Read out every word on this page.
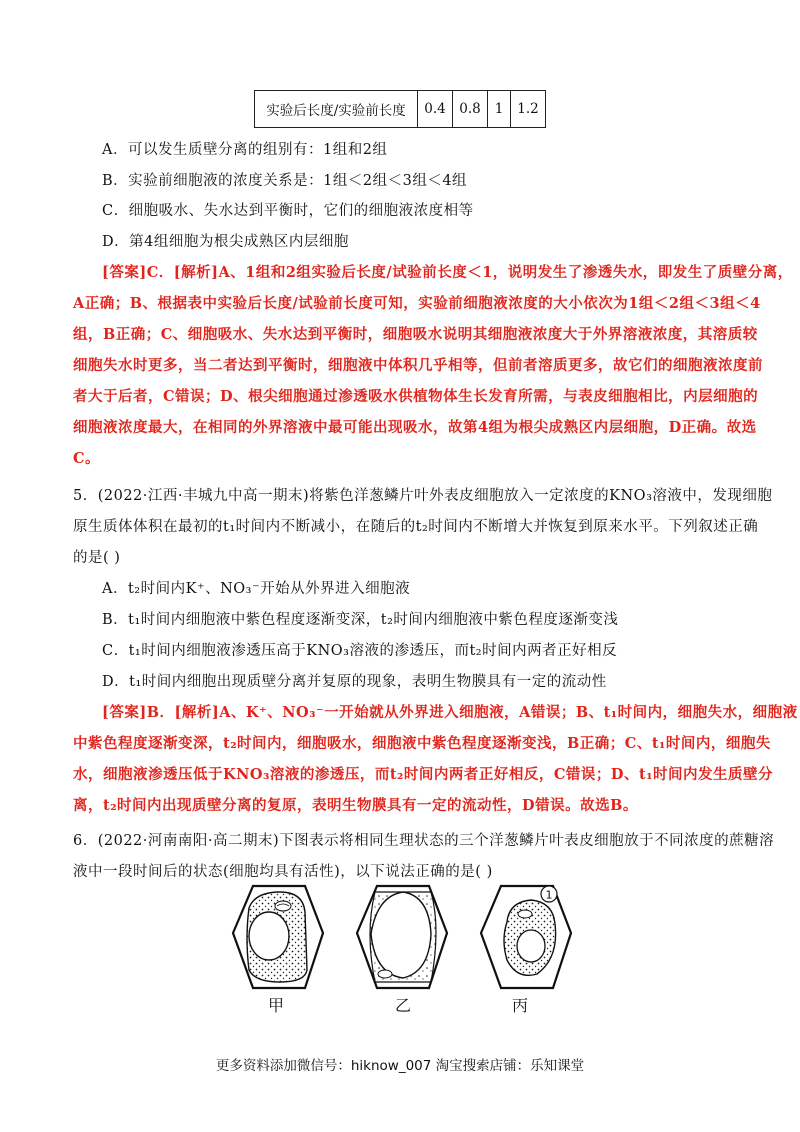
实验后长度/实验前长度	0.4	0.8	1	1.2
A．可以发生质壁分离的组别有：1组和2组
B．实验前细胞液的浓度关系是：1组＜2组＜3组＜4组
C．细胞吸水、失水达到平衡时，它们的细胞液浓度相等
D．第4组细胞为根尖成熟区内层细胞
[答案]C．[解析]A、1组和2组实验后长度/试验前长度＜1，说明发生了渗透失水，即发生了质壁分离，
A正确；B、根据表中实验后长度/试验前长度可知，实验前细胞液浓度的大小依次为1组＜2组＜3组＜4
组，B正确；C、细胞吸水、失水达到平衡时，细胞吸水说明其细胞液浓度大于外界溶液浓度，其溶质较
细胞失水时更多，当二者达到平衡时，细胞液中体积几乎相等，但前者溶质更多，故它们的细胞液浓度前
者大于后者，C错误；D、根尖细胞通过渗透吸水供植物体生长发育所需，与表皮细胞相比，内层细胞的
细胞液浓度最大，在相同的外界溶液中最可能出现吸水，故第4组为根尖成熟区内层细胞，D正确。故选
C。
5．(2022·江西·丰城九中高一期末)将紫色洋葱鳞片叶外表皮细胞放入一定浓度的KNO₃溶液中，发现细胞
原生质体体积在最初的t₁时间内不断减小，在随后的t₂时间内不断增大并恢复到原来水平。下列叙述正确
的是( )
A．t₂时间内K⁺、NO₃⁻开始从外界进入细胞液
B．t₁时间内细胞液中紫色程度逐渐变深，t₂时间内细胞液中紫色程度逐渐变浅
C．t₁时间内细胞液渗透压高于KNO₃溶液的渗透压，而t₂时间内两者正好相反
D．t₁时间内细胞出现质壁分离并复原的现象，表明生物膜具有一定的流动性
[答案]B．[解析]A、K⁺、NO₃⁻一开始就从外界进入细胞液，A错误；B、t₁时间内，细胞失水，细胞液
中紫色程度逐渐变深，t₂时间内，细胞吸水，细胞液中紫色程度逐渐变浅，B正确；C、t₁时间内，细胞失
水，细胞液渗透压低于KNO₃溶液的渗透压，而t₂时间内两者正好相反，C错误；D、t₁时间内发生质壁分
离，t₂时间内出现质壁分离的复原，表明生物膜具有一定的流动性，D错误。故选B。
6．(2022·河南南阳·高二期末)下图表示将相同生理状态的三个洋葱鳞片叶表皮细胞放于不同浓度的蔗糖溶
液中一段时间后的状态(细胞均具有活性)，以下说法正确的是( )
1
甲	乙	丙
更多资料添加微信号：hiknow_007 淘宝搜索店铺：乐知课堂
